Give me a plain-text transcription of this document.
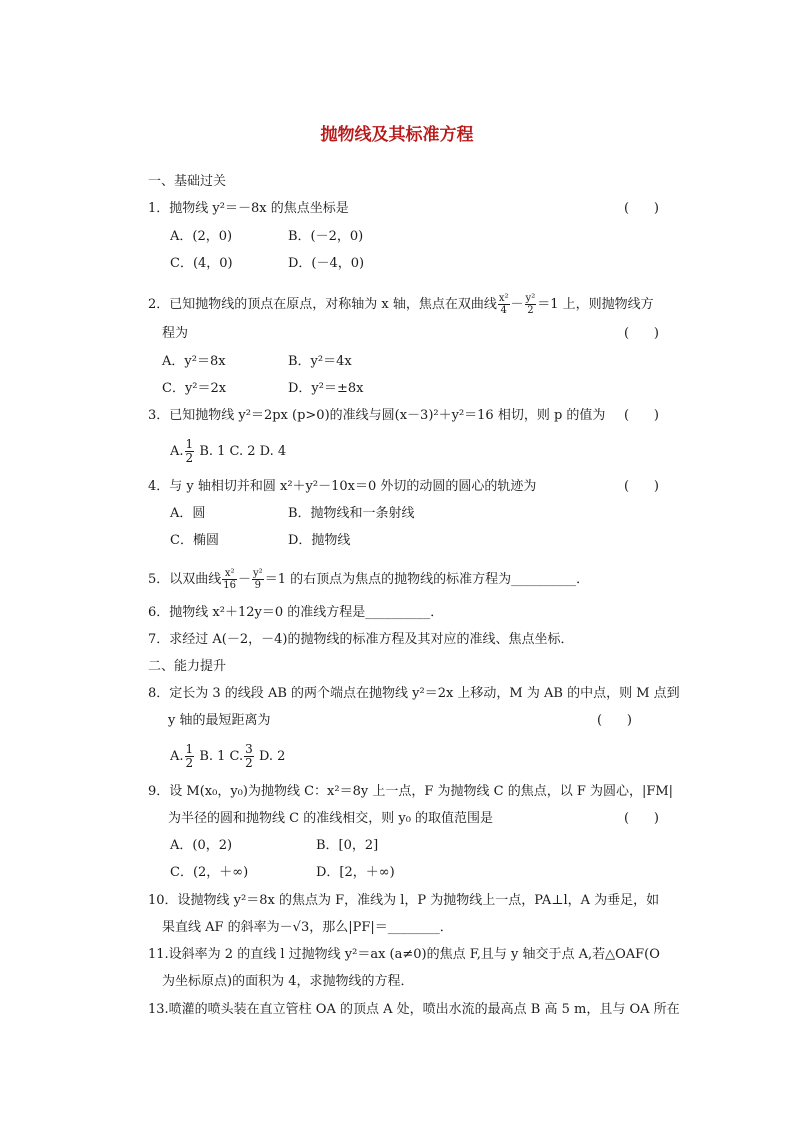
抛物线及其标准方程
一、基础过关
1．抛物线 y²＝－8x 的焦点坐标是	(      )
A．(2，0)	B．(－2，0)
C．(4，0)	D．(－4，0)
2．已知抛物线的顶点在原点，对称轴为 x 轴，焦点在双曲线 $\frac{\text{x²}}{4} - \frac{\text{y²}}{2} =1$ 上，则抛物线方
程为	(      )
A．y²＝8x	B．y²＝4x
C．y²＝2x	D．y²＝±8x
3．已知抛物线 y²＝2px (p>0)的准线与圆(x－3)²＋y²＝16 相切，则 p 的值为 (      )
A. $\frac{1}{2} B$. 1 C. 2 D. 4
4．与 y 轴相切并和圆 x²＋y²－10x＝0 外切的动圆的圆心的轨迹为	(      )
A．圆	B．抛物线和一条射线
C．椭圆	D．抛物线
5．以双曲线 $\frac{\text{x²}}{16} - \frac{\text{y²}}{9} =1$ 的右顶点为焦点的抛物线的标准方程为__________．
6．抛物线 x²＋12y＝0 的准线方程是__________．
7．求经过 A(－2，－4)的抛物线的标准方程及其对应的准线、焦点坐标．
二、能力提升
8．定长为 3 的线段 AB 的两个端点在抛物线 y²＝2x 上移动，M 为 AB 的中点，则 M 点到
y 轴的最短距离为	(      )
A. $\frac{1}{2} B$. 1 C. $\frac{3}{2} D$. 2
9．设 M(x₀，y₀)为抛物线 C：x²＝8y 上一点，F 为抛物线 C 的焦点，以 F 为圆心，|FM|
为半径的圆和抛物线 C 的准线相交，则 y₀ 的取值范围是	(      )
A．(0，2)	B．[0，2]
C．(2，＋∞)	D．[2，＋∞)
10．设抛物线 y²＝8x 的焦点为 F，准线为 l，P 为抛物线上一点，PA⊥l，A 为垂足，如
果直线 AF 的斜率为－√3，那么|PF|＝________．
11.设斜率为 2 的直线 l 过抛物线 y²＝ax (a≠0)的焦点 F,且与 y 轴交于点 A,若△OAF(O
为坐标原点)的面积为 4，求抛物线的方程．
13.喷灌的喷头装在直立管柱 OA 的顶点 A 处，喷出水流的最高点 B 高 5 m，且与 OA 所在
